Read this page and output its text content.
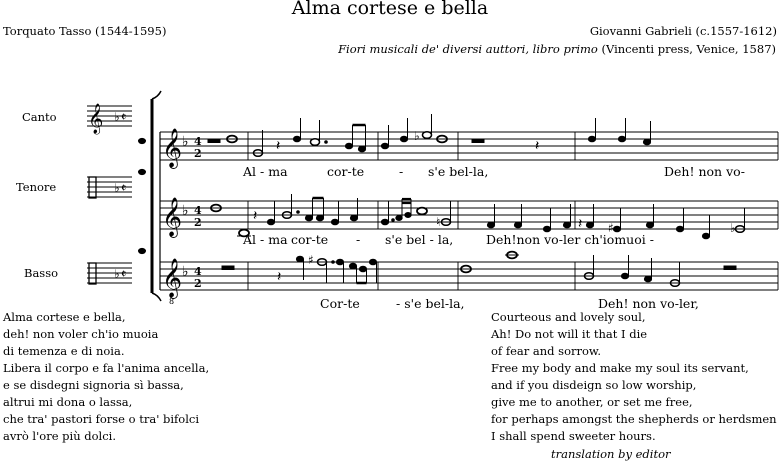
Alma cortese e bella
Torquato Tasso (1544-1595)	Giovanni Gabrieli (c.1557-1612)
Fiori musicali de' diversi auttori, libro primo (Vincenti press, Venice, 1587)
Canto
Tenore
Basso
𝄞 ♭ 𝄵
♭ 𝄵
♭ 𝄵
𝄞
𝄞
𝄞
8
♭
♭
♭
4
2
4
2
4
2
𝄽	𝄽
♭
𝄽	𝄽
♮	♯	♭
𝄽
♯
Al - ma	cor-te	- s'e bel-la,	Deh! non vo-
Al - ma cor-te - s'e bel - la,	Deh!non vo-ler ch'iomuoi -
Cor-te	- s'e bel-la,	Deh! non vo-ler,
Alma cortese e bella,
deh! non voler ch'io muoia
di temenza e di noia.
Libera il corpo e fa l'anima ancella,
e se disdegni signoria sì bassa,
altrui mi dona o lassa,
che tra' pastori forse o tra' bifolci
avrò l'ore più dolci.
Courteous and lovely soul,
Ah! Do not will it that I die
of fear and sorrow.
Free my body and make my soul its servant,
and if you disdeign so low worship,
give me to another, or set me free,
for perhaps amongst the shepherds or herdsmen
I shall spend sweeter hours.
translation by editor
